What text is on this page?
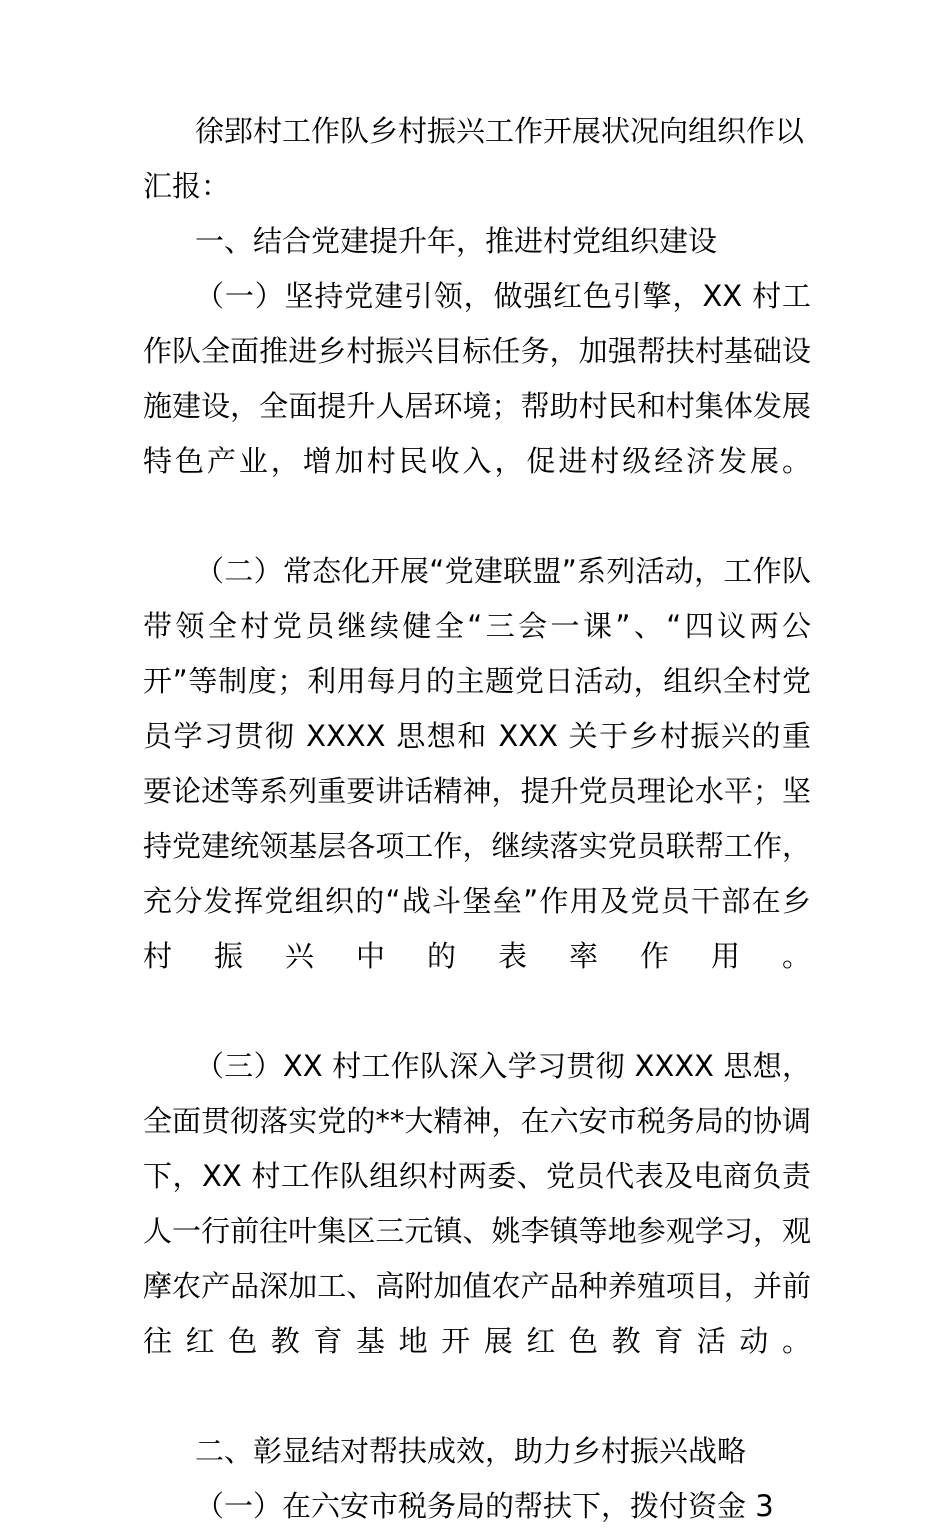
徐郢村工作队乡村振兴工作开展状况向组织作以汇报：

一、结合党建提升年，推进村党组织建设

（一）坚持党建引领，做强红色引擎，XX 村工作队全面推进乡村振兴目标任务，加强帮扶村基础设施建设，全面提升人居环境；帮助村民和村集体发展特色产业，增加村民收入，促进村级经济发展。

（二）常态化开展“党建联盟”系列活动，工作队带领全村党员继续健全“三会一课”、“四议两公开”等制度；利用每月的主题党日活动，组织全村党员学习贯彻 XXXX 思想和 XXX 关于乡村振兴的重要论述等系列重要讲话精神，提升党员理论水平；坚持党建统领基层各项工作，继续落实党员联帮工作，充分发挥党组织的“战斗堡垒”作用及党员干部在乡村振兴中的表率作用。

（三）XX 村工作队深入学习贯彻 XXXX 思想，全面贯彻落实党的**大精神，在六安市税务局的协调下，XX 村工作队组织村两委、党员代表及电商负责人一行前往叶集区三元镇、姚李镇等地参观学习，观摩农产品深加工、高附加值农产品种养殖项目，并前往红色教育基地开展红色教育活动。

二、彰显结对帮扶成效，助力乡村振兴战略

（一）在六安市税务局的帮扶下，拨付资金 3
